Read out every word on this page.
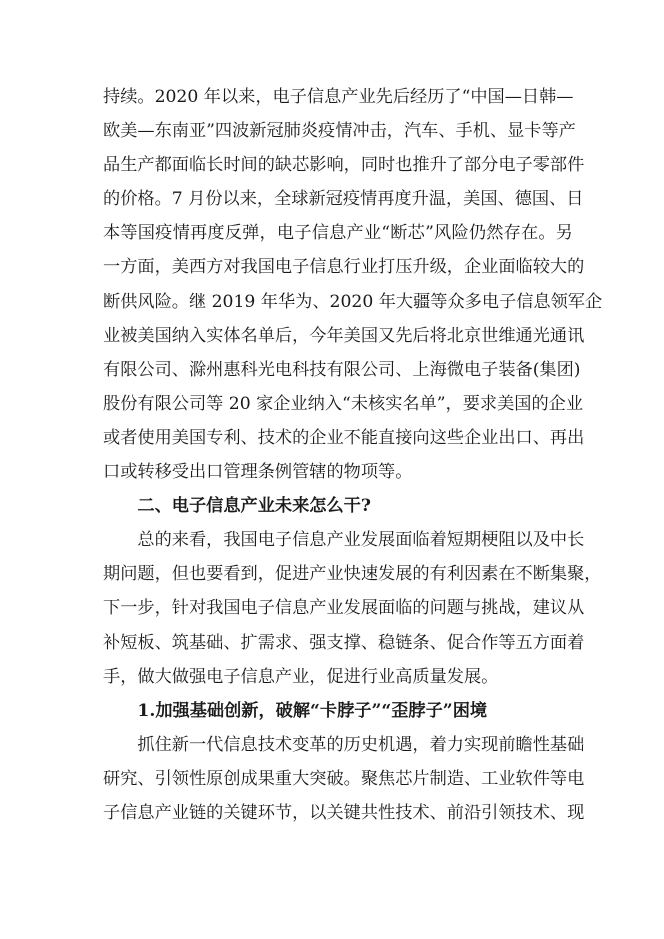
持续。2020 年以来，电子信息产业先后经历了“中国—日韩—
欧美—东南亚”四波新冠肺炎疫情冲击，汽车、手机、显卡等产
品生产都面临长时间的缺芯影响，同时也推升了部分电子零部件
的价格。7 月份以来，全球新冠疫情再度升温，美国、德国、日
本等国疫情再度反弹，电子信息产业“断芯”风险仍然存在。另
一方面，美西方对我国电子信息行业打压升级，企业面临较大的
断供风险。继 2019 年华为、2020 年大疆等众多电子信息领军企
业被美国纳入实体名单后，今年美国又先后将北京世维通光通讯
有限公司、滁州惠科光电科技有限公司、上海微电子装备(集团)
股份有限公司等 20 家企业纳入“未核实名单”，要求美国的企业
或者使用美国专利、技术的企业不能直接向这些企业出口、再出
口或转移受出口管理条例管辖的物项等。
二、电子信息产业未来怎么干?
总的来看，我国电子信息产业发展面临着短期梗阻以及中长
期问题，但也要看到，促进产业快速发展的有利因素在不断集聚，
下一步，针对我国电子信息产业发展面临的问题与挑战，建议从
补短板、筑基础、扩需求、强支撑、稳链条、促合作等五方面着
手，做大做强电子信息产业，促进行业高质量发展。
1.加强基础创新，破解“卡脖子”“歪脖子”困境
抓住新一代信息技术变革的历史机遇，着力实现前瞻性基础
研究、引领性原创成果重大突破。聚焦芯片制造、工业软件等电
子信息产业链的关键环节，以关键共性技术、前沿引领技术、现
